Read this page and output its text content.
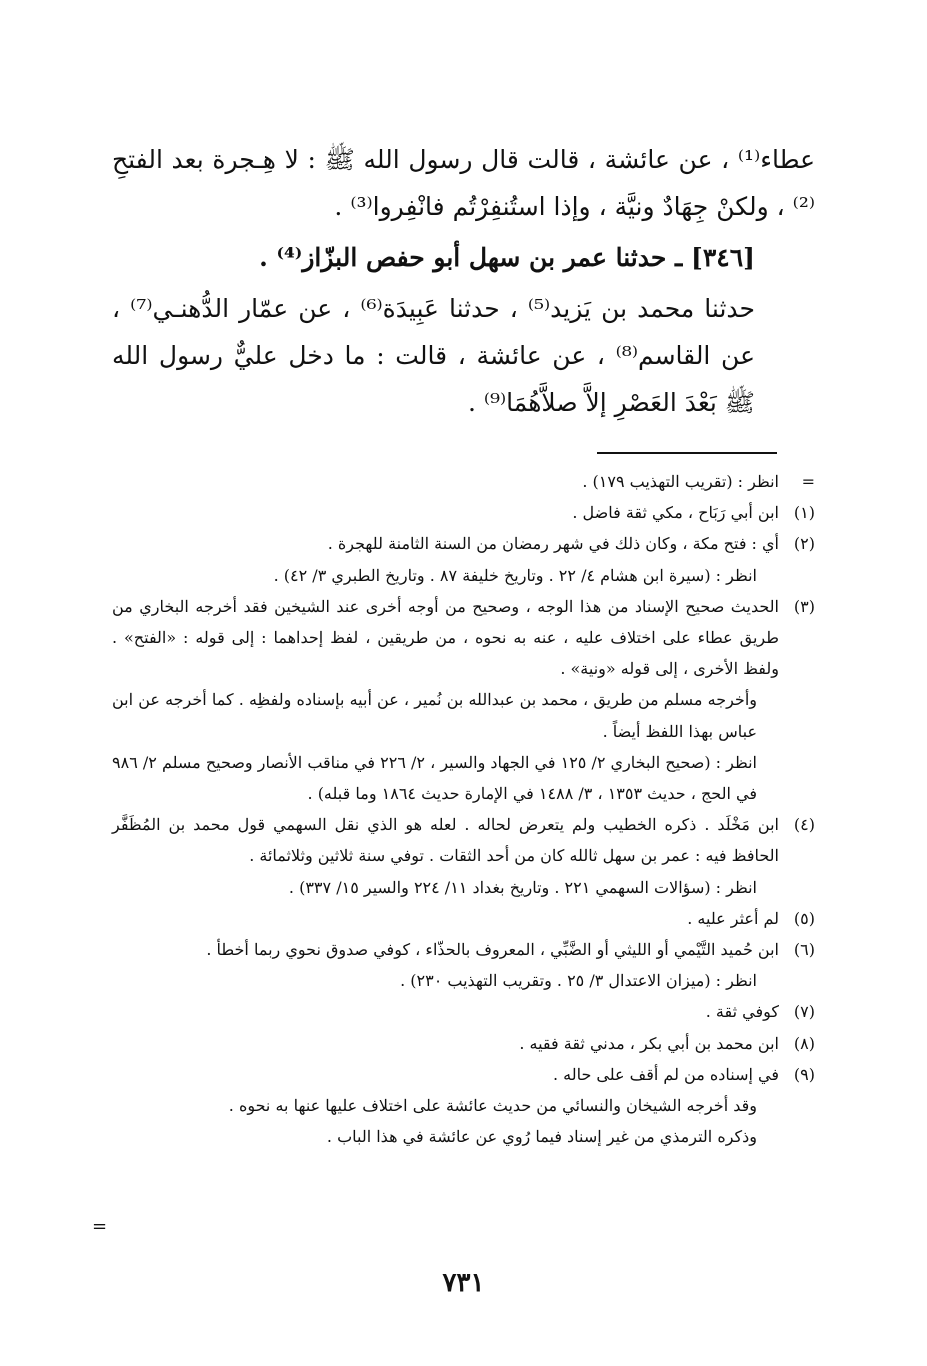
عطاء⁽¹⁾ ، عن عائشة ، قالت قال رسول الله ﷺ : لا هِـجرة بعد الفتحِ ⁽²⁾ ، ولكنْ جِهَادٌ ونيَّة ، وإذا استُنفِرْتُم فانْفِروا⁽³⁾ .

[٣٤٦] ـ حدثنا عمر بن سهل أبو حفص البزّاز⁽⁴⁾ .

حدثنا محمد بن يَزيد⁽⁵⁾ ، حدثنا عَبِيدَة⁽⁶⁾ ، عن عمّار الدُّهنـي⁽⁷⁾ ، عن القاسم⁽⁸⁾ ، عن عائشة ، قالت : ما دخل عليٌّ رسول الله ﷺ بَعْدَ العَصْرِ إلاَّ صلاَّهُمَا⁽⁹⁾ .

=
انظر : (تقريب التهذيب ١٧٩) .
(١)
ابن أبي رَبَاح ، مكي ثقة فاضل .
(٢)
أي : فتح مكة ، وكان ذلك في شهر رمضان من السنة الثامنة للهجرة .
انظر : (سيرة ابن هشام ٤/ ٢٢ . وتاريخ خليفة ٨٧ . وتاريخ الطبري ٣/ ٤٢) .
(٣)
الحديث صحيح الإسناد من هذا الوجه ، وصحيح من أوجه أخرى عند الشيخين فقد أخرجه البخاري من طريق عطاء على اختلاف عليه ، عنه به نحوه ، من طريقين ، لفظ إحداهما : إلى قوله : «الفتح» . ولفظ الأخرى ، إلى قوله «ونية» .
وأخرجه مسلم من طريق ، محمد بن عبدالله بن نُمير ، عن أبيه بإسناده ولفظِه . كما أخرجه عن ابن عباس بهذا اللفظ أيضاً .
انظر : (صحيح البخاري ٢/ ١٢٥ في الجهاد والسير ، ٢/ ٢٢٦ في مناقب الأنصار وصحيح مسلم ٢/ ٩٨٦ في الحج ، حديث ١٣٥٣ ، ٣/ ١٤٨٨ في الإمارة حديث ١٨٦٤ وما قبله) .
(٤)
ابن مَخْلَد . ذكره الخطيب ولم يتعرض لحاله . لعله هو الذي نقل السهمي قول محمد بن المُظَفَّر الحافظ فيه : عمر بن سهل ثالله كان من أحد الثقات . توفي سنة ثلاثين وثلاثمائة .
انظر : (سؤالات السهمي ٢٢١ . وتاريخ بغداد ١١/ ٢٢٤ والسير ١٥/ ٣٣٧) .
(٥)
لم أعثر عليه .
(٦)
ابن حُميد التَّيْمي أو الليثي أو الضَّبِّي ، المعروف بالحذّاء ، كوفي صدوق نحوي ربما أخطأ .
انظر : (ميزان الاعتدال ٣/ ٢٥ . وتقريب التهذيب ٢٣٠) .
(٧)
كوفي ثقة .
(٨)
ابن محمد بن أبي بكر ، مدني ثقة فقيه .
(٩)
في إسناده من لم أقف على حاله .
وقد أخرجه الشيخان والنسائي من حديث عائشة على اختلاف عليها عنها به نحوه .
وذكره الترمذي من غير إسناد فيما رُوي عن عائشة في هذا الباب .
=
٧٣١
